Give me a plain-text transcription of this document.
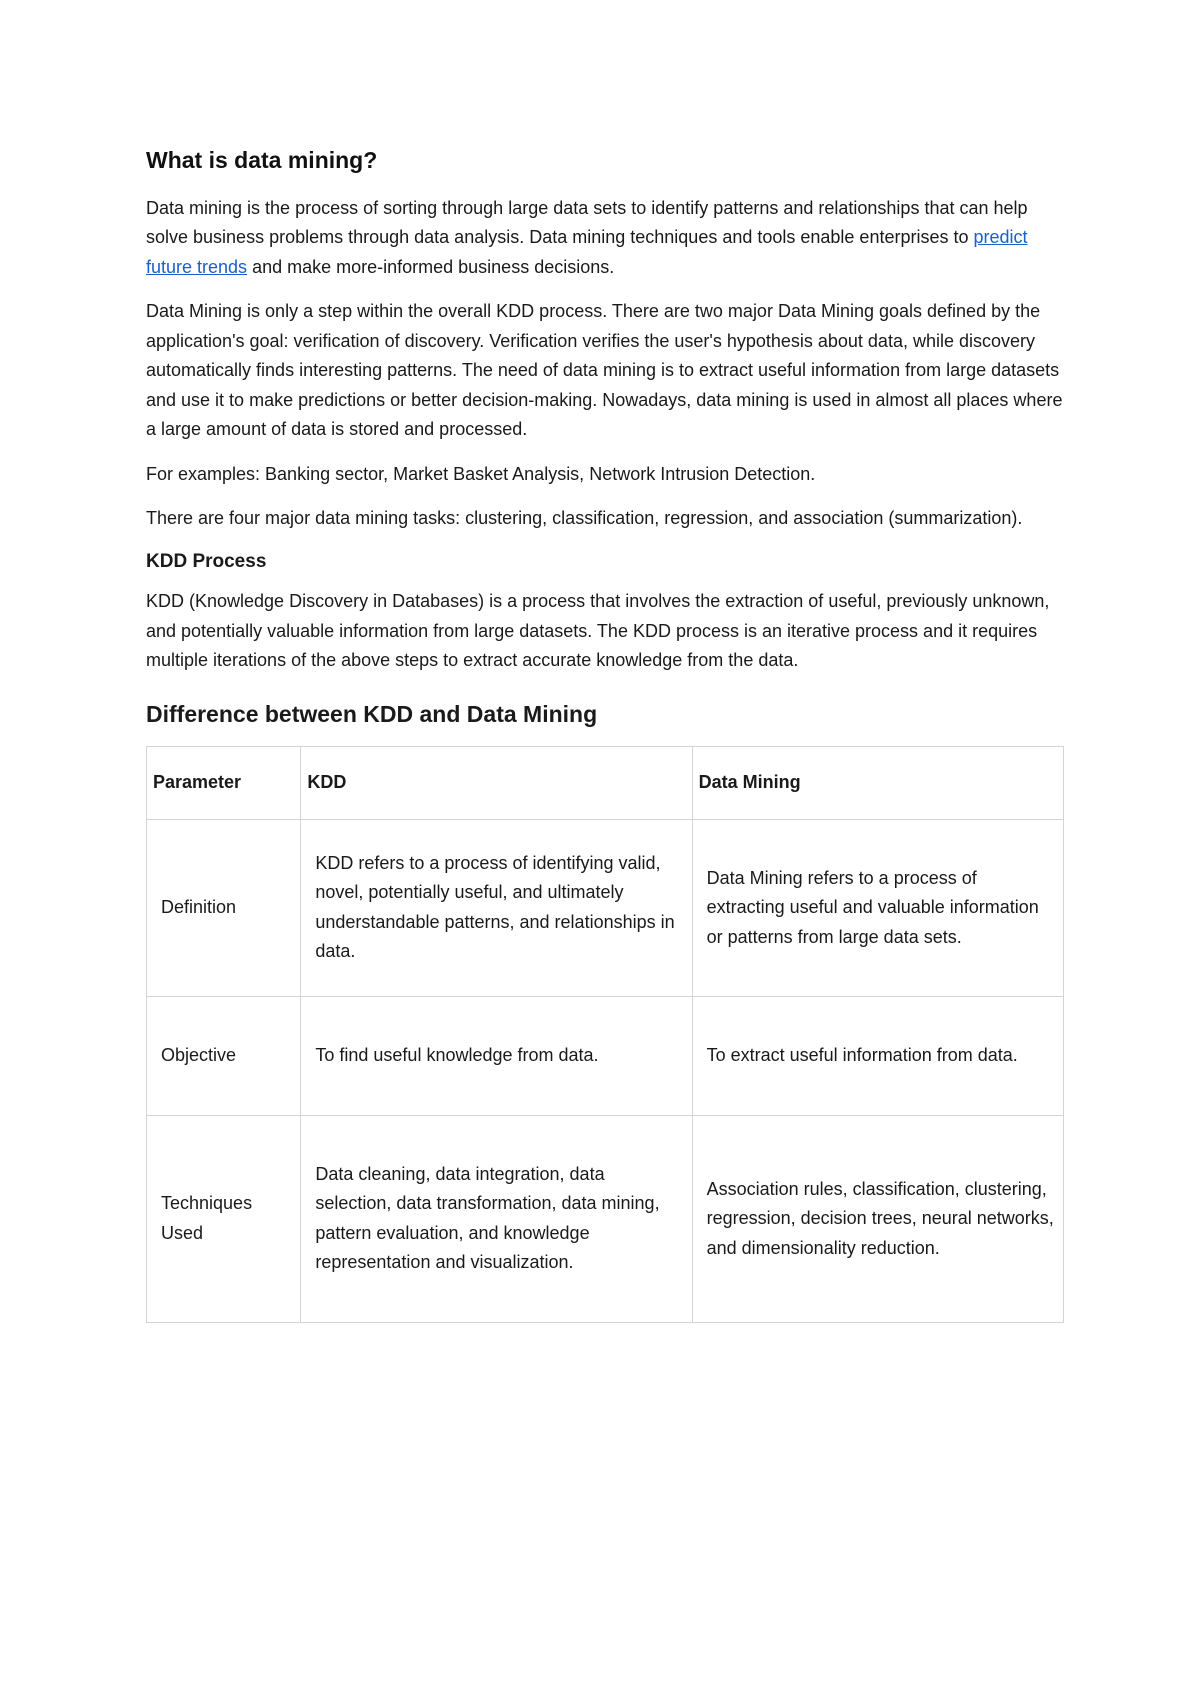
What is data mining?

Data mining is the process of sorting through large data sets to identify patterns and relationships that can help solve business problems through data analysis. Data mining techniques and tools enable enterprises to predict future trends and make more-informed business decisions.

Data Mining is only a step within the overall KDD process. There are two major Data Mining goals defined by the application's goal: verification of discovery. Verification verifies the user's hypothesis about data, while discovery automatically finds interesting patterns. The need of data mining is to extract useful information from large datasets and use it to make predictions or better decision-making. Nowadays, data mining is used in almost all places where a large amount of data is stored and processed.

For examples: Banking sector, Market Basket Analysis, Network Intrusion Detection.

There are four major data mining tasks: clustering, classification, regression, and association (summarization).

KDD Process

KDD (Knowledge Discovery in Databases) is a process that involves the extraction of useful, previously unknown, and potentially valuable information from large datasets. The KDD process is an iterative process and it requires multiple iterations of the above steps to extract accurate knowledge from the data.

Difference between KDD and Data Mining
Parameter	KDD	Data Mining
Definition	KDD refers to a process of identifying valid, novel, potentially useful, and ultimately understandable patterns, and relationships in data.	Data Mining refers to a process of extracting useful and valuable information or patterns from large data sets.
Objective	To find useful knowledge from data.	To extract useful information from data.
Techniques Used	Data cleaning, data integration, data selection, data transformation, data mining, pattern evaluation, and knowledge representation and visualization.	Association rules, classification, clustering, regression, decision trees, neural networks, and dimensionality reduction.
